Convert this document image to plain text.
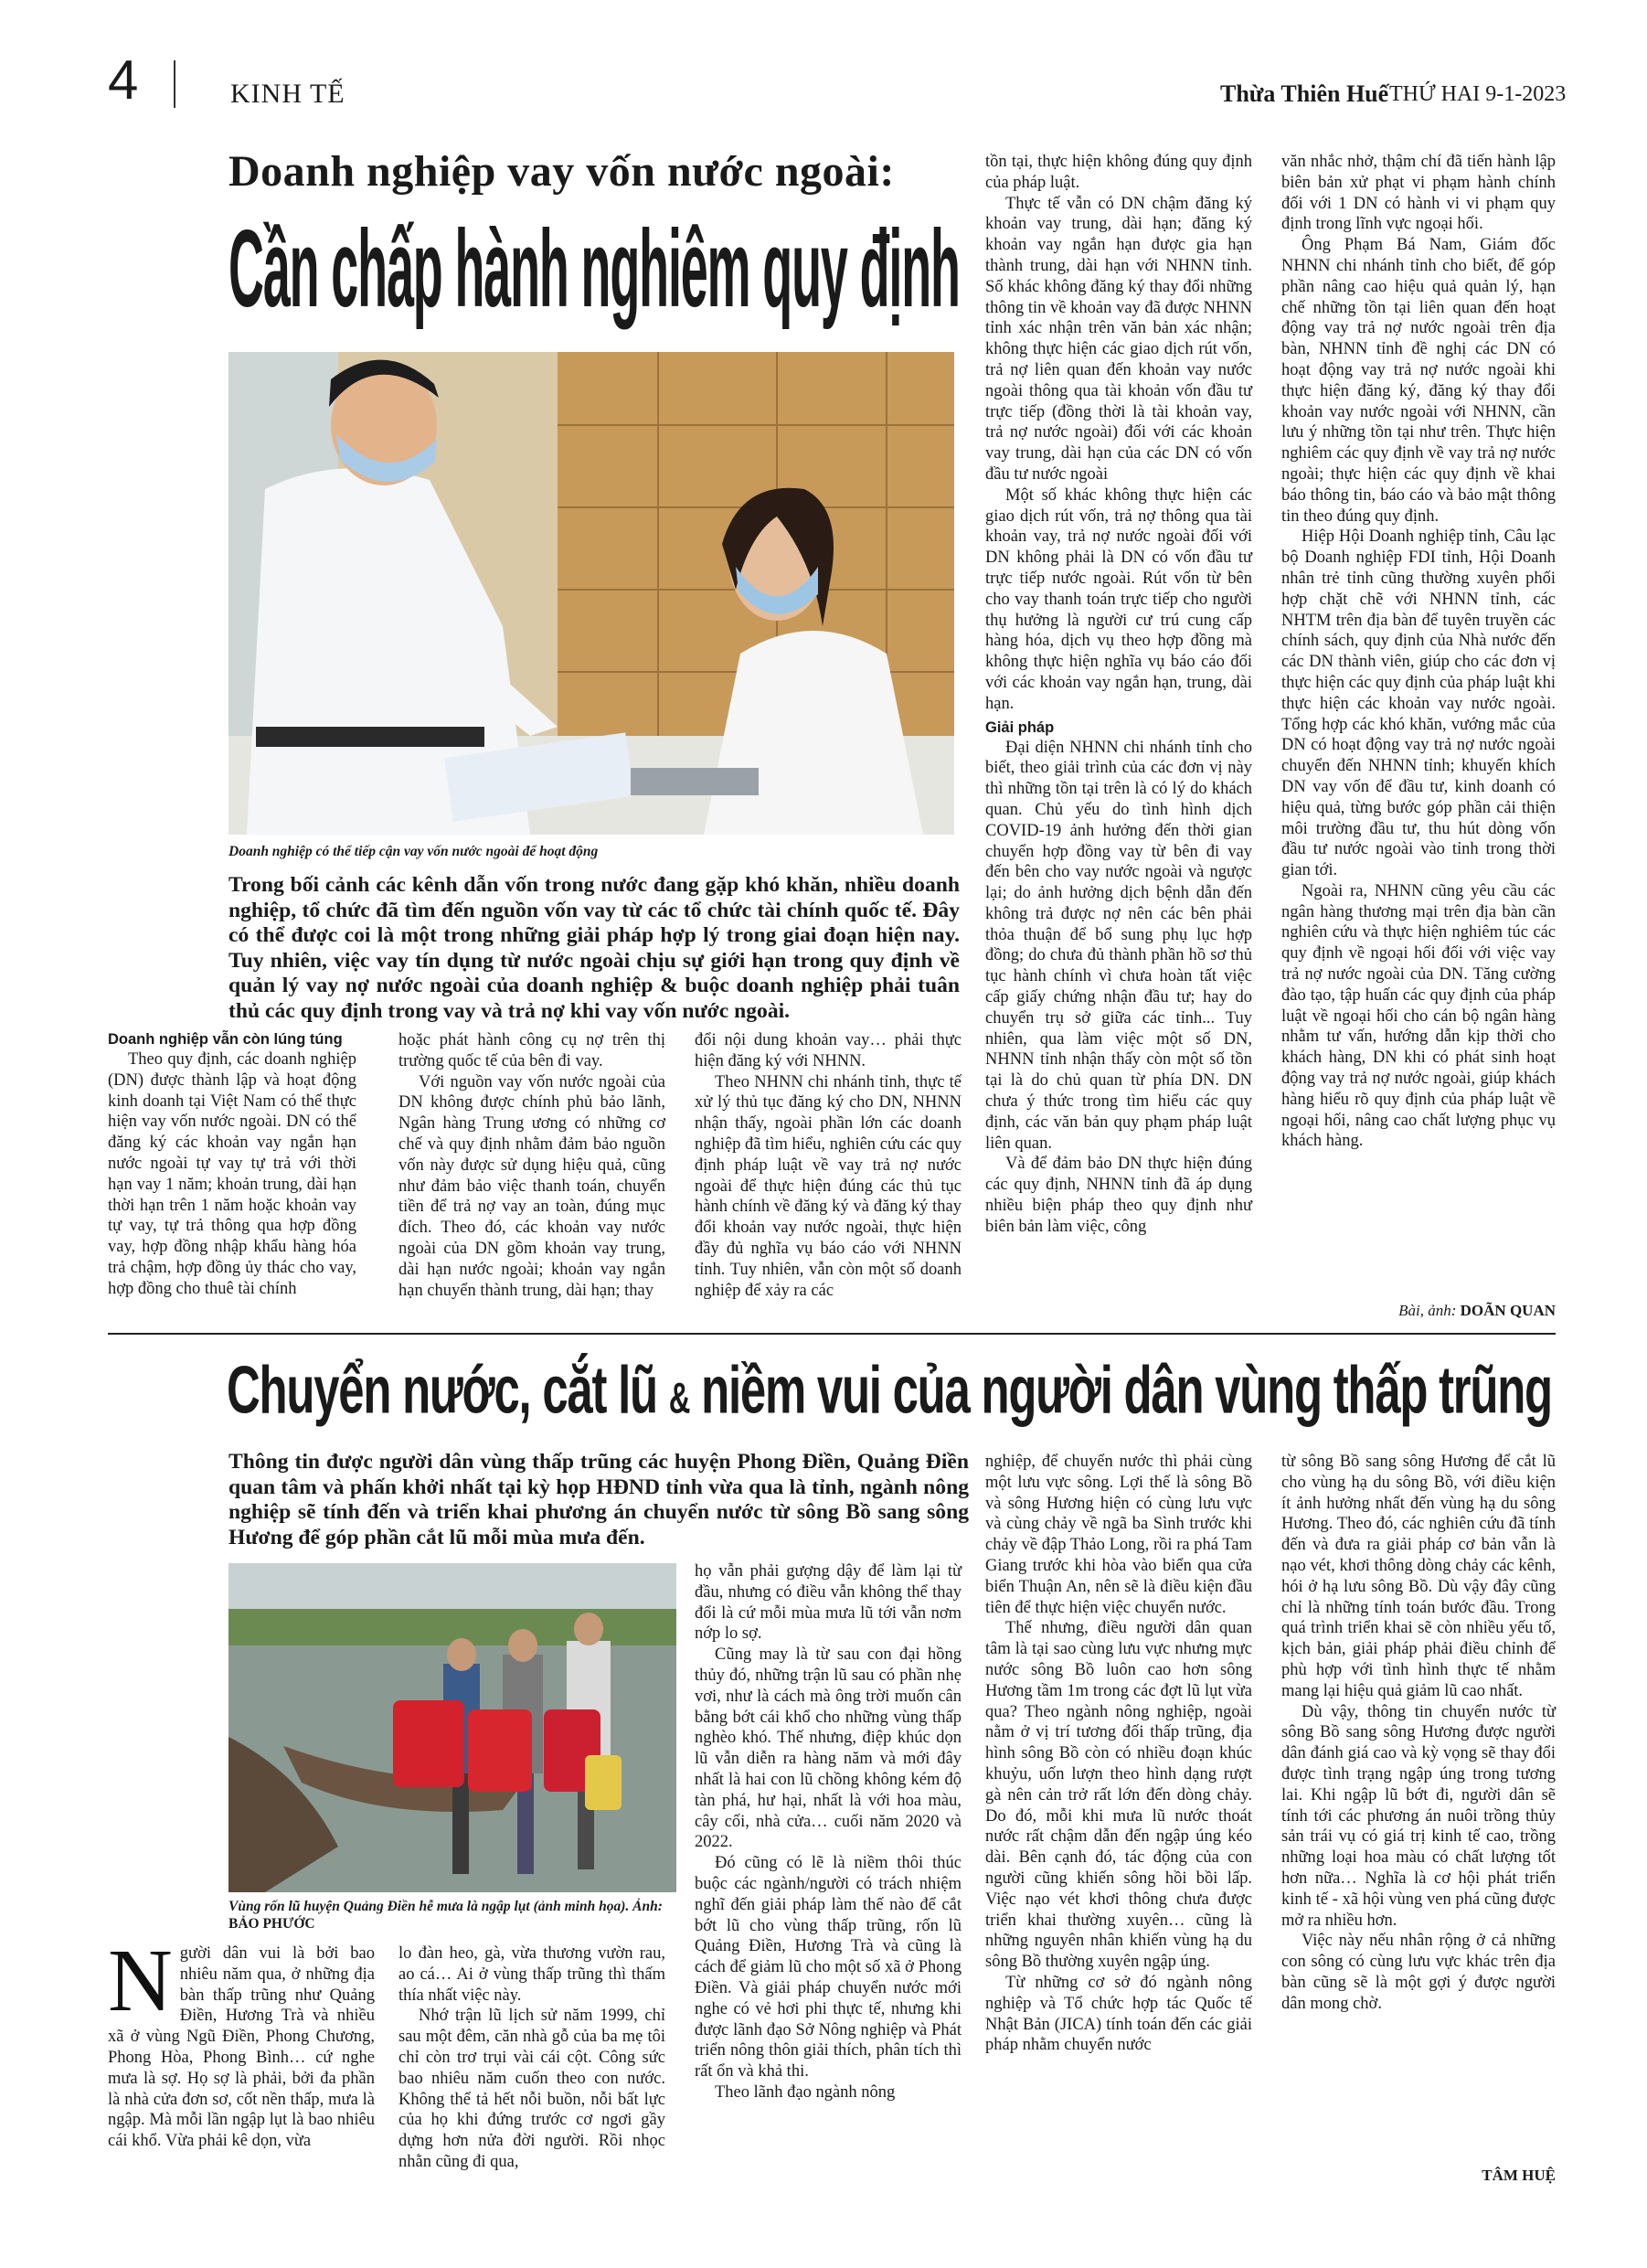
4	KINH TẾ	Thừa Thiên Huế THỨ HAI 9-1-2023
Doanh nghiệp vay vốn nước ngoài:
Cần chấp hành nghiêm quy định
Doanh nghiệp có thể tiếp cận vay vốn nước ngoài để hoạt động

Trong bối cảnh các kênh dẫn vốn trong nước đang gặp khó khăn, nhiều doanh nghiệp, tổ chức đã tìm đến nguồn vốn vay từ các tổ chức tài chính quốc tế. Đây có thể được coi là một trong những giải pháp hợp lý trong giai đoạn hiện nay. Tuy nhiên, việc vay tín dụng từ nước ngoài chịu sự giới hạn trong quy định về quản lý vay nợ nước ngoài của doanh nghiệp & buộc doanh nghiệp phải tuân thủ các quy định trong vay và trả nợ khi vay vốn nước ngoài.

Doanh nghiệp vẫn còn lúng túng

Theo quy định, các doanh nghiệp (DN) được thành lập và hoạt động kinh doanh tại Việt Nam có thể thực hiện vay vốn nước ngoài. DN có thể đăng ký các khoản vay ngắn hạn nước ngoài tự vay tự trả với thời hạn vay 1 năm; khoản trung, dài hạn thời hạn trên 1 năm hoặc khoản vay tự vay, tự trả thông qua hợp đồng vay, hợp đồng nhập khẩu hàng hóa trả chậm, hợp đồng ủy thác cho vay, hợp đồng cho thuê tài chính

hoặc phát hành công cụ nợ trên thị trường quốc tế của bên đi vay.

Với nguồn vay vốn nước ngoài của DN không được chính phủ bảo lãnh, Ngân hàng Trung ương có những cơ chế và quy định nhằm đảm bảo nguồn vốn này được sử dụng hiệu quả, cũng như đảm bảo việc thanh toán, chuyển tiền để trả nợ vay an toàn, đúng mục đích. Theo đó, các khoản vay nước ngoài của DN gồm khoản vay trung, dài hạn nước ngoài; khoản vay ngắn hạn chuyển thành trung, dài hạn; thay

đổi nội dung khoản vay… phải thực hiện đăng ký với NHNN.

Theo NHNN chi nhánh tỉnh, thực tế xử lý thủ tục đăng ký cho DN, NHNN nhận thấy, ngoài phần lớn các doanh nghiệp đã tìm hiểu, nghiên cứu các quy định pháp luật về vay trả nợ nước ngoài để thực hiện đúng các thủ tục hành chính về đăng ký và đăng ký thay đổi khoản vay nước ngoài, thực hiện đầy đủ nghĩa vụ báo cáo với NHNN tỉnh. Tuy nhiên, vẫn còn một số doanh nghiệp để xảy ra các

tồn tại, thực hiện không đúng quy định của pháp luật.

Thực tế vẫn có DN chậm đăng ký khoản vay trung, dài hạn; đăng ký khoản vay ngắn hạn được gia hạn thành trung, dài hạn với NHNN tỉnh. Số khác không đăng ký thay đổi những thông tin về khoản vay đã được NHNN tỉnh xác nhận trên văn bản xác nhận; không thực hiện các giao dịch rút vốn, trả nợ liên quan đến khoản vay nước ngoài thông qua tài khoản vốn đầu tư trực tiếp (đồng thời là tài khoản vay, trả nợ nước ngoài) đối với các khoản vay trung, dài hạn của các DN có vốn đầu tư nước ngoài

Một số khác không thực hiện các giao dịch rút vốn, trả nợ thông qua tài khoản vay, trả nợ nước ngoài đối với DN không phải là DN có vốn đầu tư trực tiếp nước ngoài. Rút vốn từ bên cho vay thanh toán trực tiếp cho người thụ hưởng là người cư trú cung cấp hàng hóa, dịch vụ theo hợp đồng mà không thực hiện nghĩa vụ báo cáo đối với các khoản vay ngắn hạn, trung, dài hạn.

Giải pháp

Đại diện NHNN chi nhánh tỉnh cho biết, theo giải trình của các đơn vị này thì những tồn tại trên là có lý do khách quan. Chủ yếu do tình hình dịch COVID-19 ảnh hưởng đến thời gian chuyển hợp đồng vay từ bên đi vay đến bên cho vay nước ngoài và ngược lại; do ảnh hưởng dịch bệnh dẫn đến không trả được nợ nên các bên phải thỏa thuận để bổ sung phụ lục hợp đồng; do chưa đủ thành phần hồ sơ thủ tục hành chính vì chưa hoàn tất việc cấp giấy chứng nhận đầu tư; hay do chuyển trụ sở giữa các tỉnh... Tuy nhiên, qua làm việc một số DN, NHNN tỉnh nhận thấy còn một số tồn tại là do chủ quan từ phía DN. DN chưa ý thức trong tìm hiểu các quy định, các văn bản quy phạm pháp luật liên quan.

Và để đảm bảo DN thực hiện đúng các quy định, NHNN tỉnh đã áp dụng nhiều biện pháp theo quy định như biên bản làm việc, công

văn nhắc nhở, thậm chí đã tiến hành lập biên bản xử phạt vi phạm hành chính đối với 1 DN có hành vi vi phạm quy định trong lĩnh vực ngoại hối.

Ông Phạm Bá Nam, Giám đốc NHNN chi nhánh tỉnh cho biết, để góp phần nâng cao hiệu quả quản lý, hạn chế những tồn tại liên quan đến hoạt động vay trả nợ nước ngoài trên địa bàn, NHNN tỉnh đề nghị các DN có hoạt động vay trả nợ nước ngoài khi thực hiện đăng ký, đăng ký thay đổi khoản vay nước ngoài với NHNN, cần lưu ý những tồn tại như trên. Thực hiện nghiêm các quy định về vay trả nợ nước ngoài; thực hiện các quy định về khai báo thông tin, báo cáo và bảo mật thông tin theo đúng quy định.

Hiệp Hội Doanh nghiệp tỉnh, Câu lạc bộ Doanh nghiệp FDI tỉnh, Hội Doanh nhân trẻ tỉnh cũng thường xuyên phối hợp chặt chẽ với NHNN tỉnh, các NHTM trên địa bàn để tuyên truyền các chính sách, quy định của Nhà nước đến các DN thành viên, giúp cho các đơn vị thực hiện các quy định của pháp luật khi thực hiện các khoản vay nước ngoài. Tổng hợp các khó khăn, vướng mắc của DN có hoạt động vay trả nợ nước ngoài chuyển đến NHNN tỉnh; khuyến khích DN vay vốn để đầu tư, kinh doanh có hiệu quả, từng bước góp phần cải thiện môi trường đầu tư, thu hút dòng vốn đầu tư nước ngoài vào tỉnh trong thời gian tới.

Ngoài ra, NHNN cũng yêu cầu các ngân hàng thương mại trên địa bàn cần nghiên cứu và thực hiện nghiêm túc các quy định về ngoại hối đối với việc vay trả nợ nước ngoài của DN. Tăng cường đào tạo, tập huấn các quy định của pháp luật về ngoại hối cho cán bộ ngân hàng nhằm tư vấn, hướng dẫn kịp thời cho khách hàng, DN khi có phát sinh hoạt động vay trả nợ nước ngoài, giúp khách hàng hiểu rõ quy định của pháp luật về ngoại hối, nâng cao chất lượng phục vụ khách hàng.

Bài, ảnh: DOÃN QUAN
Chuyển nước, cắt lũ & niềm vui của người dân vùng thấp trũng

Thông tin được người dân vùng thấp trũng các huyện Phong Điền, Quảng Điền quan tâm và phấn khởi nhất tại kỳ họp HĐND tỉnh vừa qua là tỉnh, ngành nông nghiệp sẽ tính đến và triển khai phương án chuyển nước từ sông Bồ sang sông Hương để góp phần cắt lũ mỗi mùa mưa đến.

Vùng rốn lũ huyện Quảng Điền hễ mưa là ngập lụt (ảnh minh họa). Ảnh: BẢO PHƯỚC

Người dân vui là bởi bao nhiêu năm qua, ở những địa bàn thấp trũng như Quảng Điền, Hương Trà và nhiều xã ở vùng Ngũ Điền, Phong Chương, Phong Hòa, Phong Bình… cứ nghe mưa là sợ. Họ sợ là phải, bởi đa phần là nhà cửa đơn sơ, cốt nền thấp, mưa là ngập. Mà mỗi lần ngập lụt là bao nhiêu cái khổ. Vừa phải kê dọn, vừa

lo đàn heo, gà, vừa thương vườn rau, ao cá… Ai ở vùng thấp trũng thì thấm thía nhất việc này.

Nhớ trận lũ lịch sử năm 1999, chỉ sau một đêm, căn nhà gỗ của ba mẹ tôi chỉ còn trơ trụi vài cái cột. Công sức bao nhiêu năm cuốn theo con nước. Không thể tả hết nỗi buồn, nỗi bất lực của họ khi đứng trước cơ ngơi gầy dựng hơn nửa đời người. Rồi nhọc nhằn cũng đi qua,

họ vẫn phải gượng dậy để làm lại từ đầu, nhưng có điều vẫn không thể thay đổi là cứ mỗi mùa mưa lũ tới vẫn nơm nớp lo sợ.

Cũng may là từ sau con đại hồng thủy đó, những trận lũ sau có phần nhẹ vơi, như là cách mà ông trời muốn cân bằng bớt cái khổ cho những vùng thấp nghèo khó. Thế nhưng, điệp khúc dọn lũ vẫn diễn ra hàng năm và mới đây nhất là hai con lũ chồng không kém độ tàn phá, hư hại, nhất là với hoa màu, cây cối, nhà cửa… cuối năm 2020 và 2022.

Đó cũng có lẽ là niềm thôi thúc buộc các ngành/người có trách nhiệm nghĩ đến giải pháp làm thế nào để cắt bớt lũ cho vùng thấp trũng, rốn lũ Quảng Điền, Hương Trà và cũng là cách để giảm lũ cho một số xã ở Phong Điền. Và giải pháp chuyển nước mới nghe có vẻ hơi phi thực tế, nhưng khi được lãnh đạo Sở Nông nghiệp và Phát triển nông thôn giải thích, phân tích thì rất ổn và khả thi.

Theo lãnh đạo ngành nông

nghiệp, để chuyển nước thì phải cùng một lưu vực sông. Lợi thế là sông Bồ và sông Hương hiện có cùng lưu vực và cùng chảy về ngã ba Sình trước khi chảy về đập Thảo Long, rồi ra phá Tam Giang trước khi hòa vào biển qua cửa biển Thuận An, nên sẽ là điều kiện đầu tiên để thực hiện việc chuyển nước.

Thế nhưng, điều người dân quan tâm là tại sao cùng lưu vực nhưng mực nước sông Bồ luôn cao hơn sông Hương tầm 1m trong các đợt lũ lụt vừa qua? Theo ngành nông nghiệp, ngoài nằm ở vị trí tương đối thấp trũng, địa hình sông Bồ còn có nhiều đoạn khúc khuỷu, uốn lượn theo hình dạng rượt gà nên cản trở rất lớn đến dòng chảy. Do đó, mỗi khi mưa lũ nước thoát nước rất chậm dẫn đến ngập úng kéo dài. Bên cạnh đó, tác động của con người cũng khiến sông hồi bồi lấp. Việc nạo vét khơi thông chưa được triển khai thường xuyên… cũng là những nguyên nhân khiến vùng hạ du sông Bồ thường xuyên ngập úng.

Từ những cơ sở đó ngành nông nghiệp và Tổ chức hợp tác Quốc tế Nhật Bản (JICA) tính toán đến các giải pháp nhằm chuyển nước

từ sông Bồ sang sông Hương để cắt lũ cho vùng hạ du sông Bồ, với điều kiện ít ảnh hưởng nhất đến vùng hạ du sông Hương. Theo đó, các nghiên cứu đã tính đến và đưa ra giải pháp cơ bản vẫn là nạo vét, khơi thông dòng chảy các kênh, hói ở hạ lưu sông Bồ. Dù vậy đây cũng chỉ là những tính toán bước đầu. Trong quá trình triển khai sẽ còn nhiều yếu tố, kịch bản, giải pháp phải điều chỉnh để phù hợp với tình hình thực tế nhằm mang lại hiệu quả giảm lũ cao nhất.

Dù vậy, thông tin chuyển nước từ sông Bồ sang sông Hương được người dân đánh giá cao và kỳ vọng sẽ thay đổi được tình trạng ngập úng trong tương lai. Khi ngập lũ bớt đi, người dân sẽ tính tới các phương án nuôi trồng thủy sản trái vụ có giá trị kinh tế cao, trồng những loại hoa màu có chất lượng tốt hơn nữa… Nghĩa là cơ hội phát triển kinh tế - xã hội vùng ven phá cũng được mở ra nhiều hơn.

Việc này nếu nhân rộng ở cả những con sông có cùng lưu vực khác trên địa bàn cũng sẽ là một gợi ý được người dân mong chờ.

TÂM HUỆ
